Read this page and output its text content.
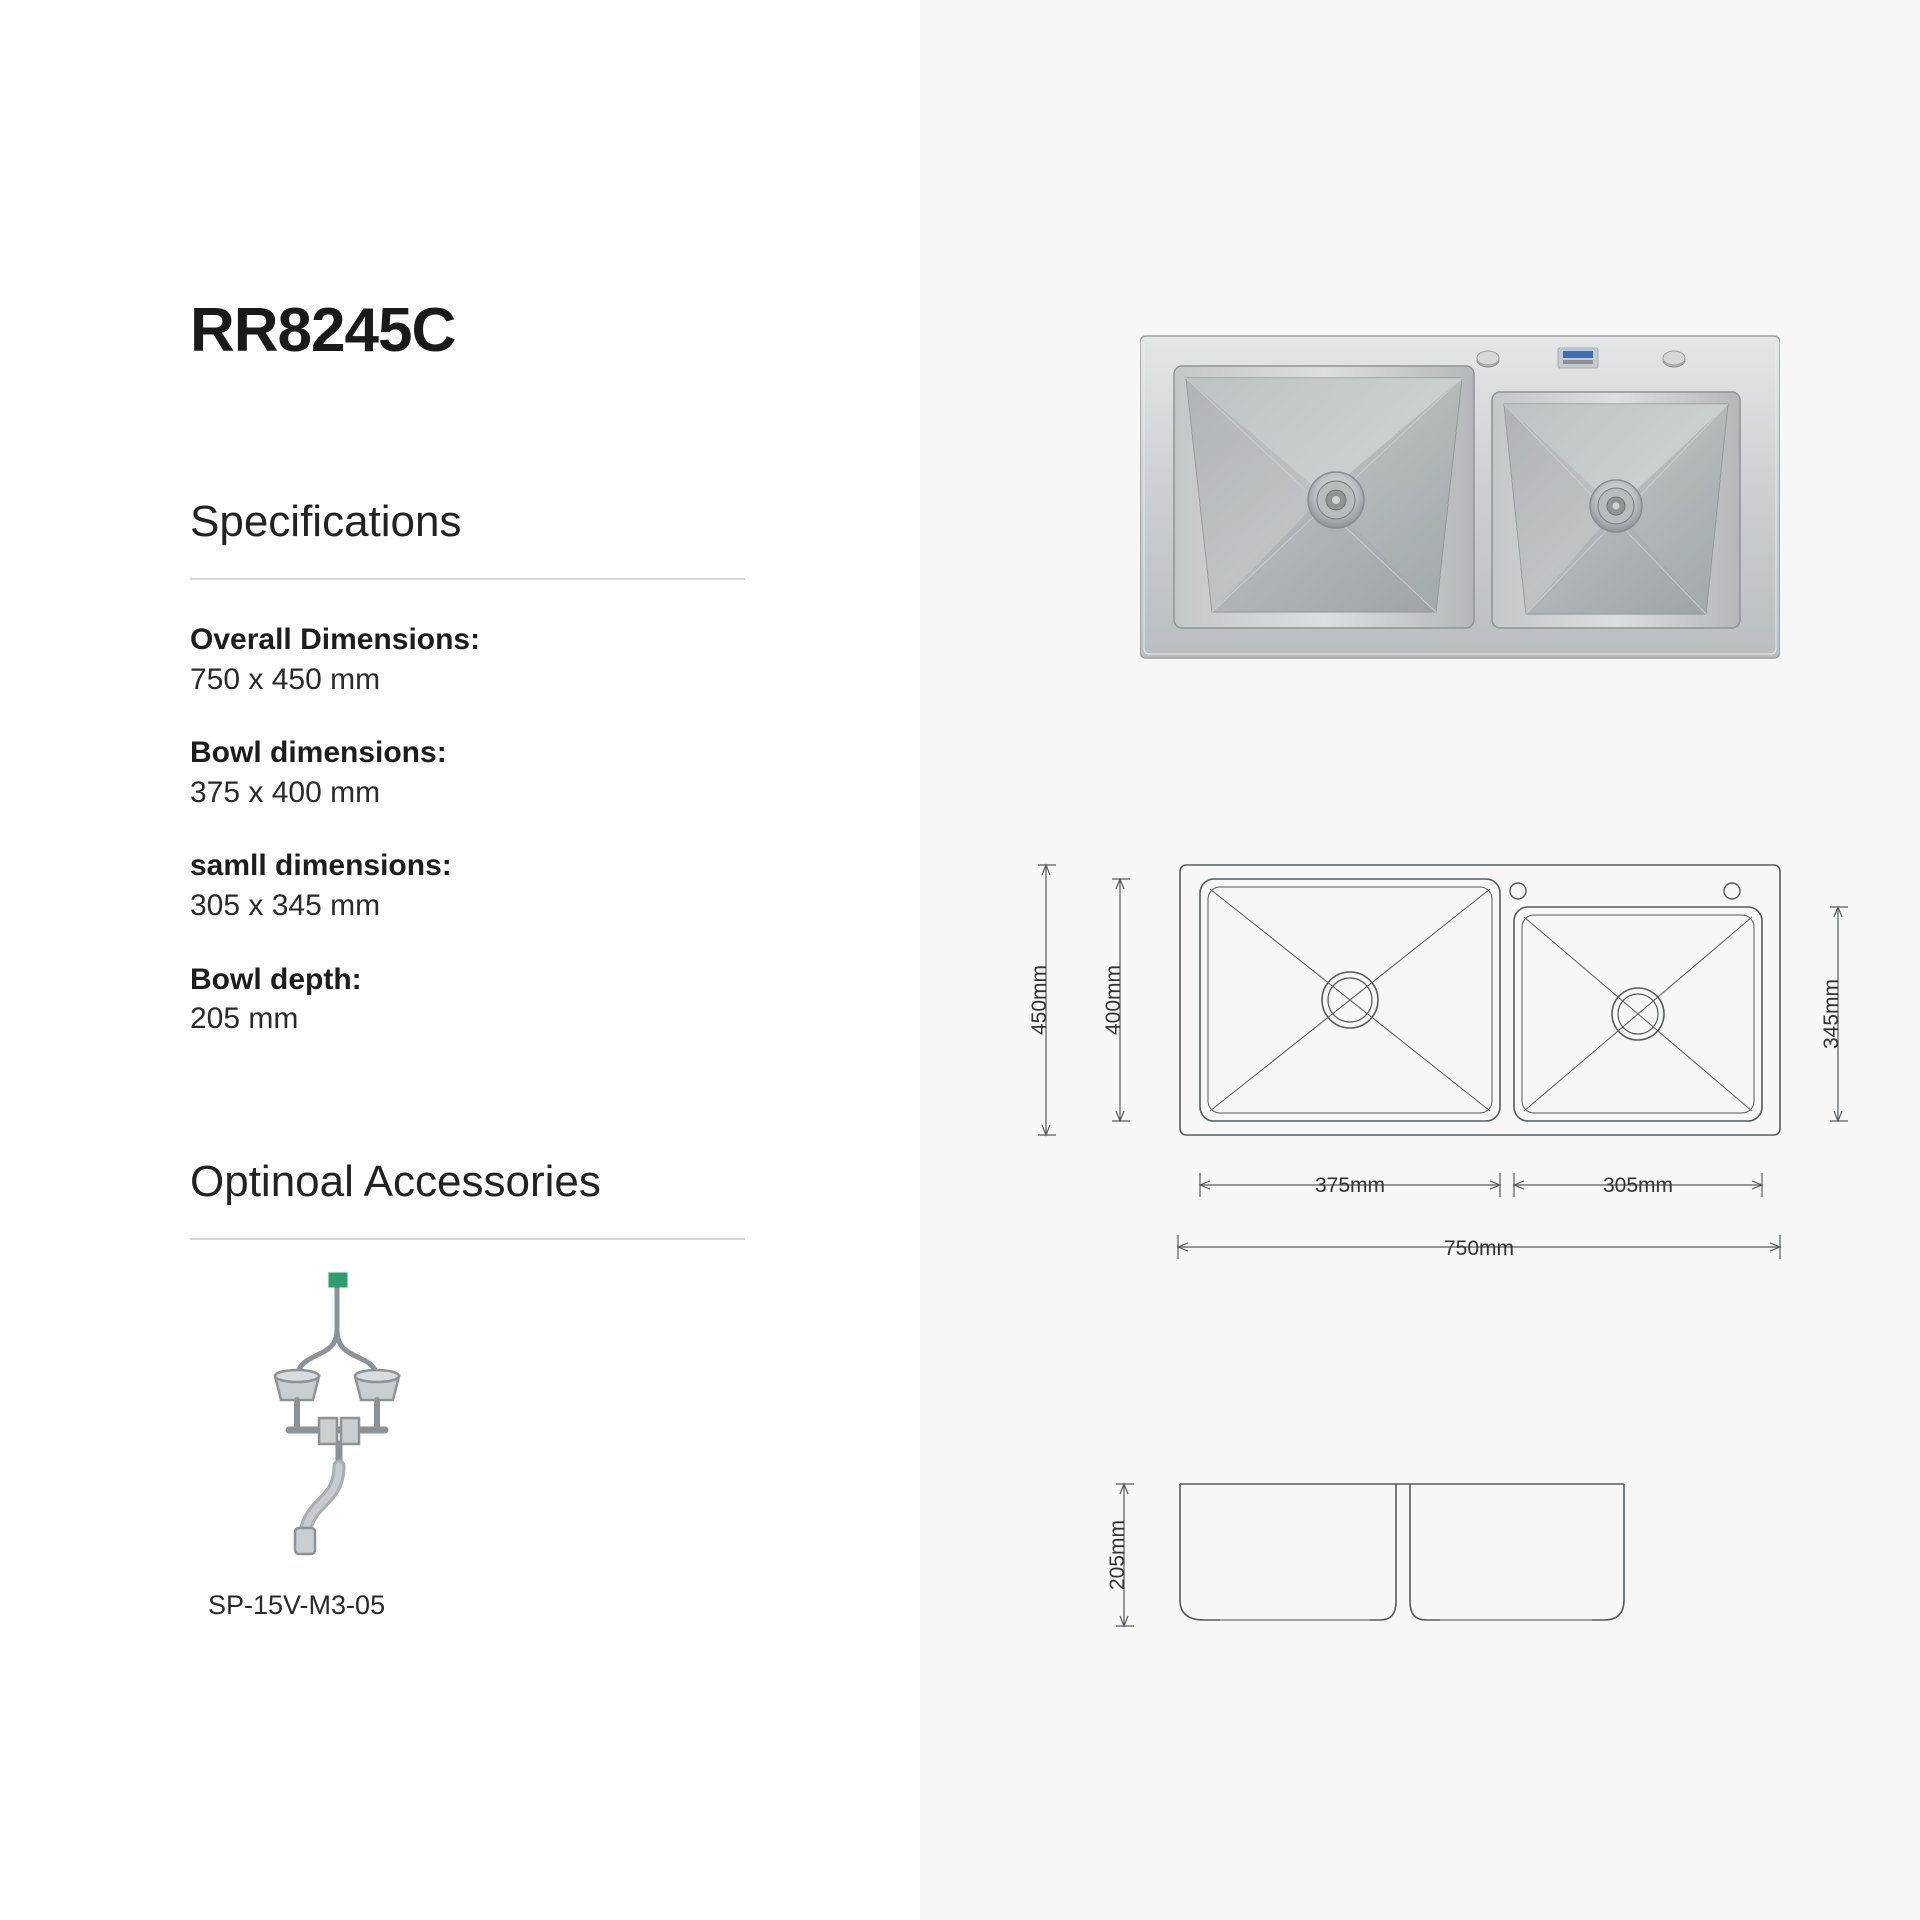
RR8245C
Specifications
Overall Dimensions:
750 x 450 mm
Bowl dimensions:
375 x 400 mm
samll dimensions:
305 x 345 mm
Bowl depth:
205 mm
Optinoal Accessories
SP-15V-M3-05
450mm 400mm	345mm
375mm	305mm
750mm
205mm
